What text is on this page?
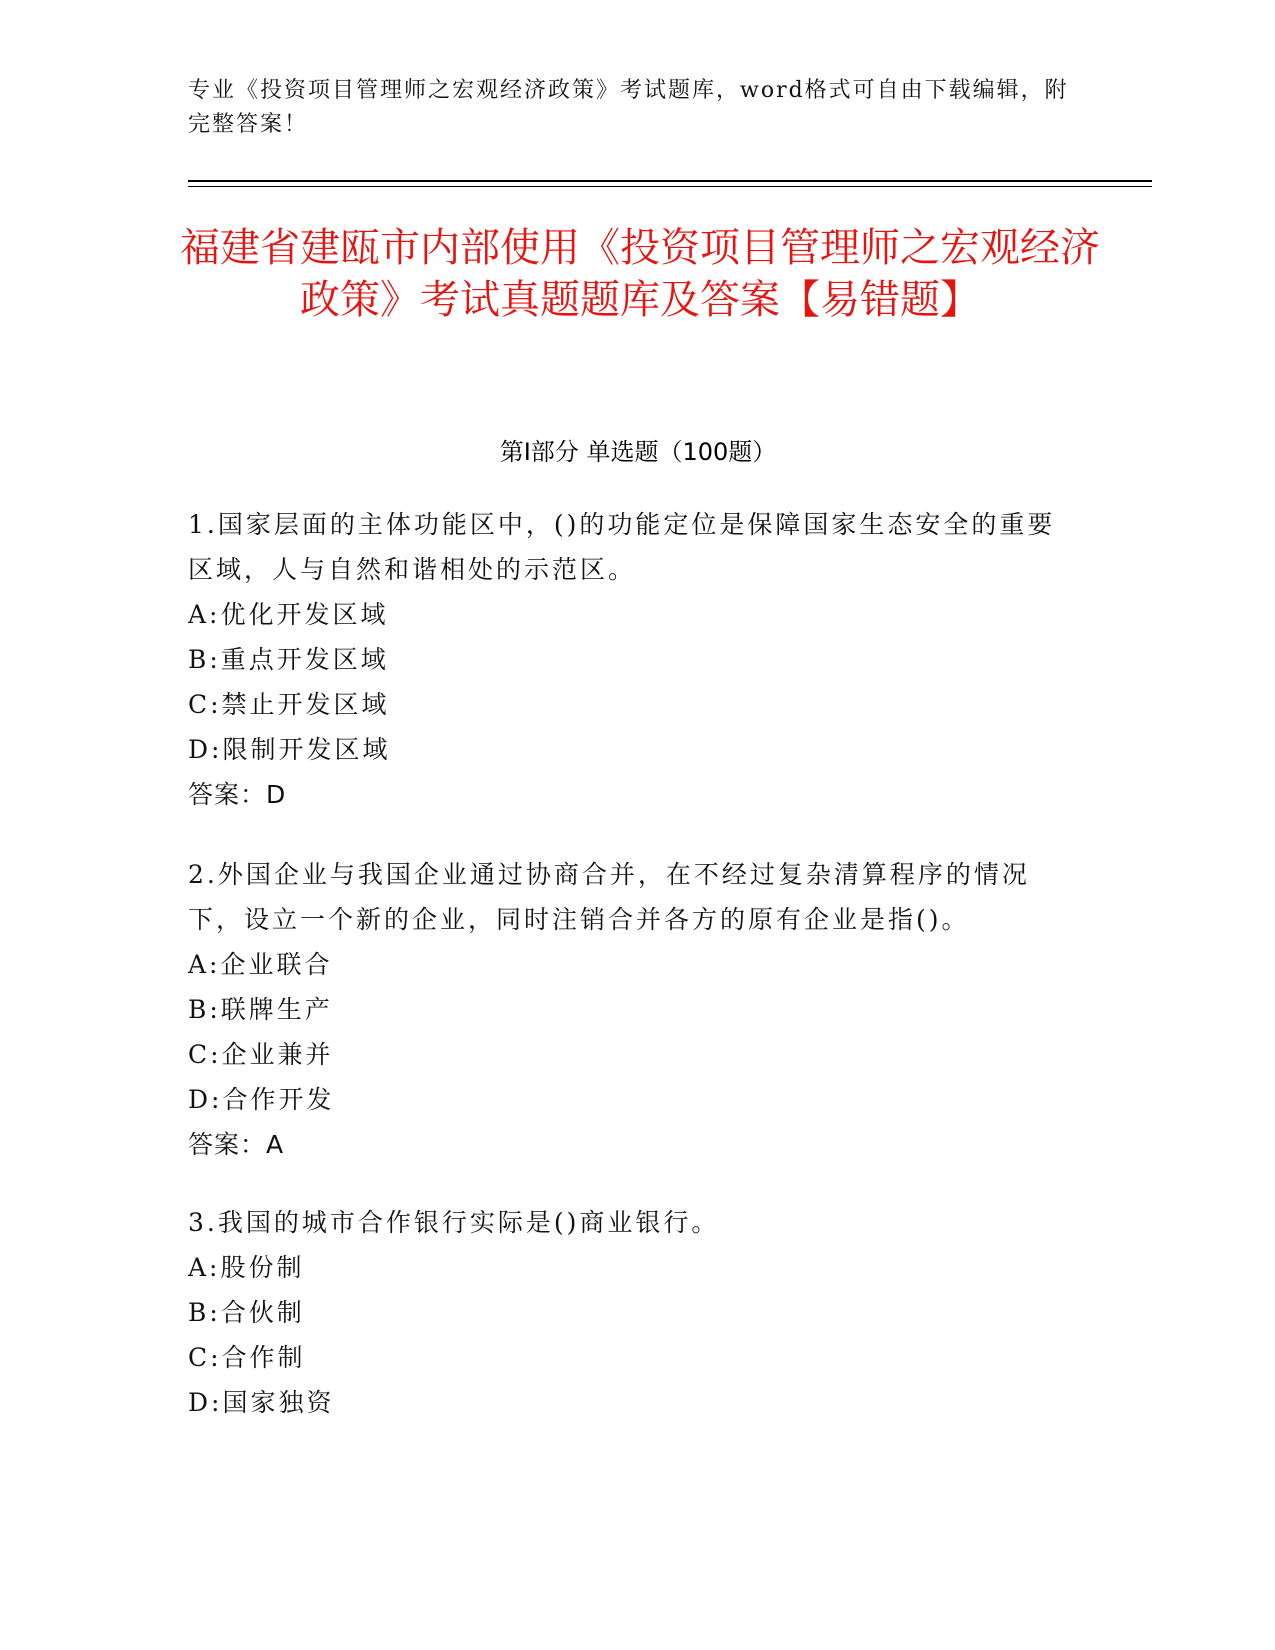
专业《投资项目管理师之宏观经济政策》考试题库，word格式可自由下载编辑，附完整答案！
福建省建瓯市内部使用《投资项目管理师之宏观经济政策》考试真题题库及答案【易错题】
第Ⅰ部分 单选题（100题）
1.国家层面的主体功能区中，()的功能定位是保障国家生态安全的重要区域，人与自然和谐相处的示范区。
A:优化开发区域
B:重点开发区域
C:禁止开发区域
D:限制开发区域
答案：D
2.外国企业与我国企业通过协商合并，在不经过复杂清算程序的情况下，设立一个新的企业，同时注销合并各方的原有企业是指()。
A:企业联合
B:联牌生产
C:企业兼并
D:合作开发
答案：A
3.我国的城市合作银行实际是()商业银行。
A:股份制
B:合伙制
C:合作制
D:国家独资
